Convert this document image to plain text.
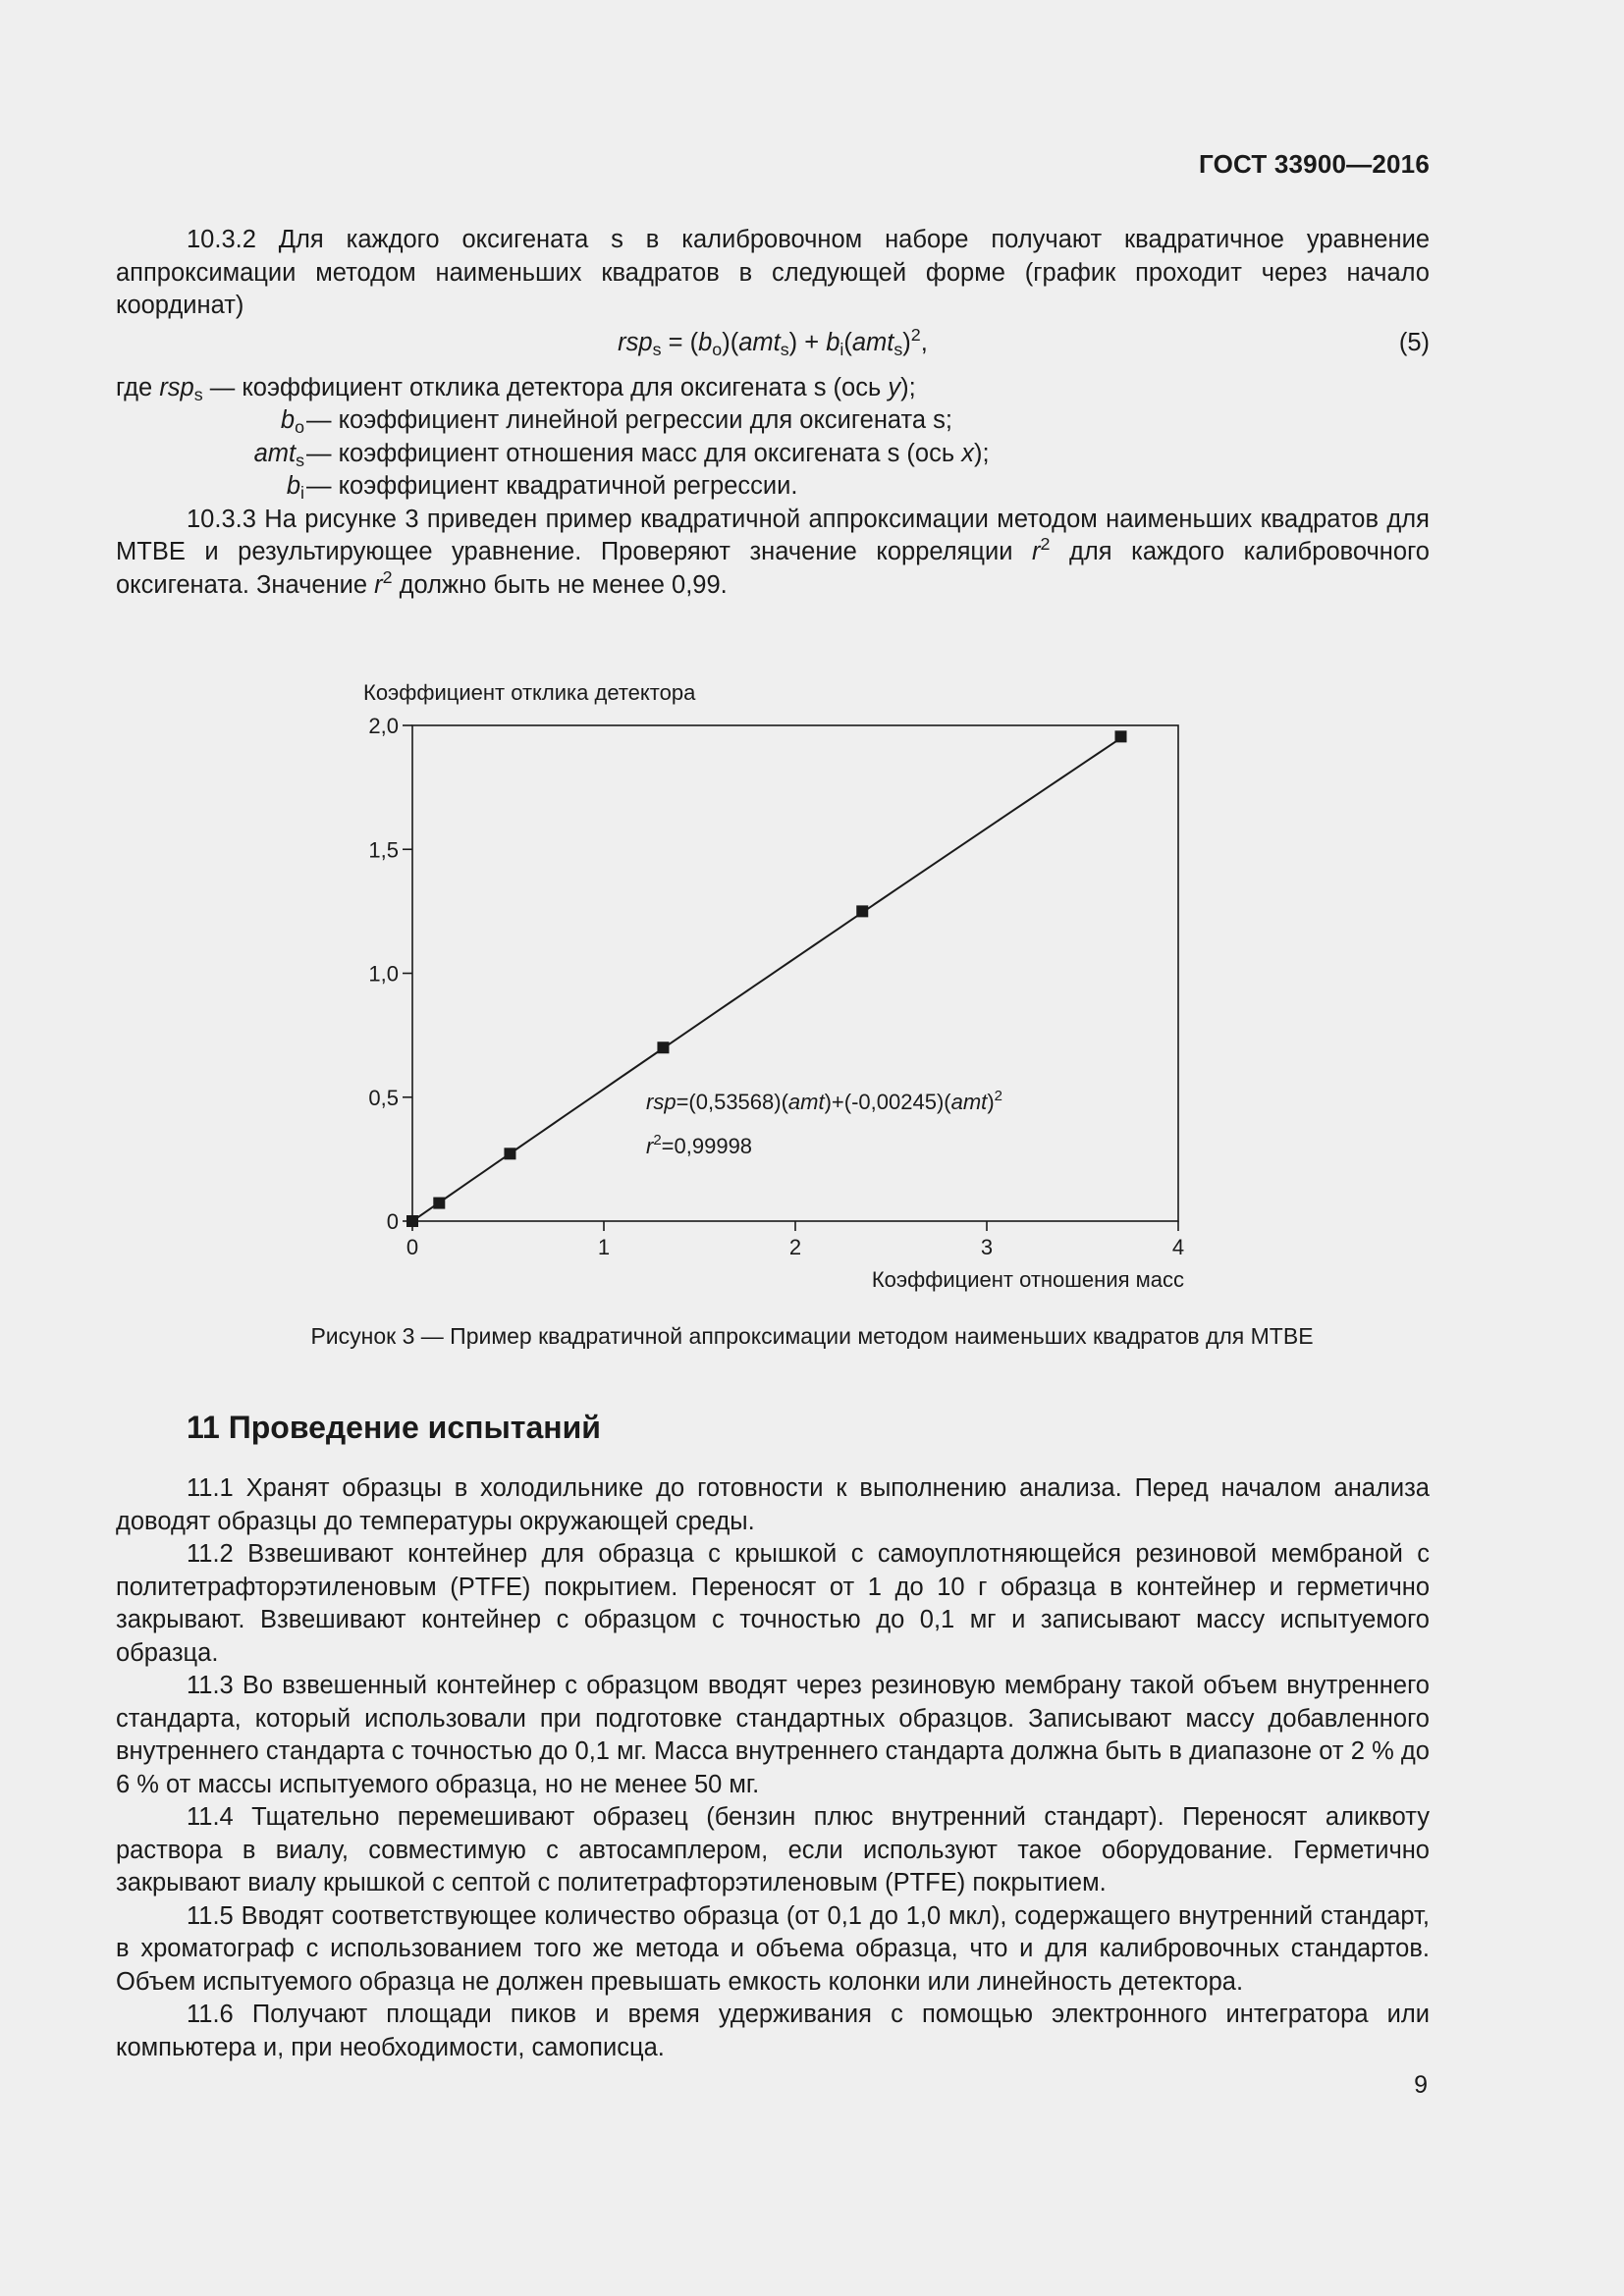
ГОСТ 33900—2016

10.3.2 Для каждого оксигената s в калибровочном наборе получают квадратичное уравнение аппроксимации методом наименьших квадратов в следующей форме (график проходит через начало координат)

$rsp_s = (b_o)(amt_s) + b_i(amt_s)^2$,	(5)
где rsp$_s$ — коэффициент отклика детектора для оксигената s (ось y);
$b_o$ — коэффициент линейной регрессии для оксигената s;
amt$_s$ — коэффициент отношения масс для оксигената s (ось x);
$b_i$ — коэффициент квадратичной регрессии.

10.3.3 На рисунке 3 приведен пример квадратичной аппроксимации методом наименьших квадратов для MTBE и результирующее уравнение. Проверяют значение корреляции $r^2$ для каждого калибровочного оксигената. Значение $r^2$ должно быть не менее 0,99.

Коэффициент отклика детектора
0
0,5
1,0
1,5
2,0
0	1	2	3	4
rsp=(0,53568)(amt)+(-0,00245)(amt)$^2$
$r^2=0,99998$
Коэффициент отношения масс
Рисунок 3 — Пример квадратичной аппроксимации методом наименьших квадратов для MTBE
11 Проведение испытаний

11.1 Хранят образцы в холодильнике до готовности к выполнению анализа. Перед началом анализа доводят образцы до температуры окружающей среды.

11.2 Взвешивают контейнер для образца с крышкой с самоуплотняющейся резиновой мембраной с политетрафторэтиленовым (PTFE) покрытием. Переносят от 1 до 10 г образца в контейнер и герметично закрывают. Взвешивают контейнер с образцом с точностью до 0,1 мг и записывают массу испытуемого образца.

11.3 Во взвешенный контейнер с образцом вводят через резиновую мембрану такой объем внутреннего стандарта, который использовали при подготовке стандартных образцов. Записывают массу добавленного внутреннего стандарта с точностью до 0,1 мг. Масса внутреннего стандарта должна быть в диапазоне от 2 % до 6 % от массы испытуемого образца, но не менее 50 мг.

11.4 Тщательно перемешивают образец (бензин плюс внутренний стандарт). Переносят аликвоту раствора в виалу, совместимую с автосамплером, если используют такое оборудование. Герметично закрывают виалу крышкой с септой с политетрафторэтиленовым (PTFE) покрытием.

11.5 Вводят соответствующее количество образца (от 0,1 до 1,0 мкл), содержащего внутренний стандарт, в хроматограф с использованием того же метода и объема образца, что и для калибровочных стандартов. Объем испытуемого образца не должен превышать емкость колонки или линейность детектора.

11.6 Получают площади пиков и время удерживания с помощью электронного интегратора или компьютера и, при необходимости, самописца.

9
